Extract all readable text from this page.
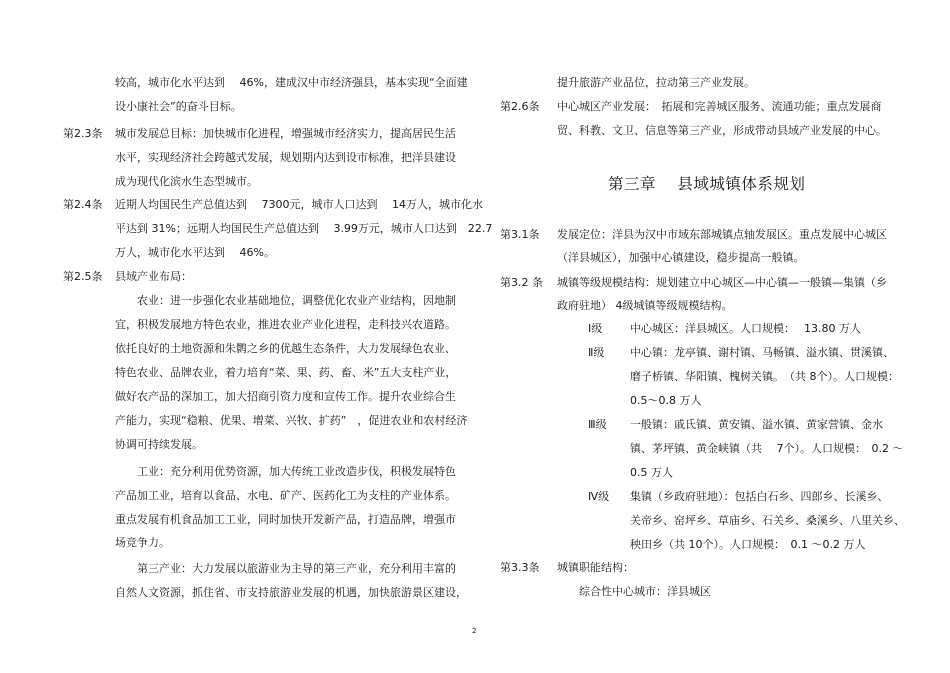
较高，城市化水平达到　 46%，建成汉中市经济强县，基本实现“全面建
设小康社会”的奋斗目标。
第2.3条 城市发展总目标：加快城市化进程，增强城市经济实力，提高居民生活
水平，实现经济社会跨越式发展，规划期内达到设市标准，把洋县建设
成为现代化滨水生态型城市。
第2.4条 近期人均国民生产总值达到　 7300元，城市人口达到　 14万人，城市化水
平达到 31%；远期人均国民生产总值达到　 3.99万元，城市人口达到　22.7
万人，城市化水平达到　 46%。
第2.5条 县域产业布局：
　　农业：进一步强化农业基础地位，调整优化农业产业结构，因地制
宜，积极发展地方特色农业，推进农业产业化进程，走科技兴农道路。
依托良好的土地资源和朱鹮之乡的优越生态条件，大力发展绿色农业、
特色农业、品牌农业，着力培育“菜、果、药、畜、米”五大支柱产业，
做好农产品的深加工，加大招商引资力度和宣传工作。提升农业综合生
产能力，实现“稳粮、优果、增菜、兴牧、扩药”　，促进农业和农村经济
协调可持续发展。
　　工业：充分利用优势资源，加大传统工业改造步伐，积极发展特色
产品加工业，培育以食品、水电、矿产、医药化工为支柱的产业体系。
重点发展有机食品加工工业，同时加快开发新产品，打造品牌，增强市
场竞争力。
　　第三产业：大力发展以旅游业为主导的第三产业，充分利用丰富的
自然人文资源，抓住省、市支持旅游业发展的机遇，加快旅游景区建设，
提升旅游产业品位，拉动第三产业发展。
第2.6条 中心城区产业发展：　拓展和完善城区服务、流通功能；重点发展商
贸、科教、文卫、信息等第三产业，形成带动县域产业发展的中心。
第三章　 县域城镇体系规划
第3.1条 发展定位：洋县为汉中市域东部城镇点轴发展区。重点发展中心城区
（洋县城区），加强中心镇建设，稳步提高一般镇。
第3.2 条 城镇等级规模结构：规划建立中心城区—中心镇—一般镇—集镇（乡
政府驻地） 4级城镇等级规模结构。
Ⅰ级	中心城区：洋县城区。人口规模：　 13.80 万人
Ⅱ级 中心镇：龙亭镇、谢村镇、马畅镇、溢水镇、贯溪镇、
磨子桥镇、华阳镇、槐树关镇。　（共 8个）。人口规模：
0.5～0.8 万人
Ⅲ级 一般镇：戚氏镇、黄安镇、溢水镇、黄家营镇、金水
镇、茅坪镇、黄金峡镇（共　 7个）。人口规模：　0.2 ～
0.5 万人
Ⅳ级 集镇（乡政府驻地）：包括白石乡、四郎乡、长溪乡、
关帝乡、窑坪乡、草庙乡、石关乡、桑溪乡、八里关乡、
秧田乡（共 10个）。人口规模：　0.1 ～0.2 万人
第3.3条 城镇职能结构：
　　综合性中心城市：洋县城区
2
